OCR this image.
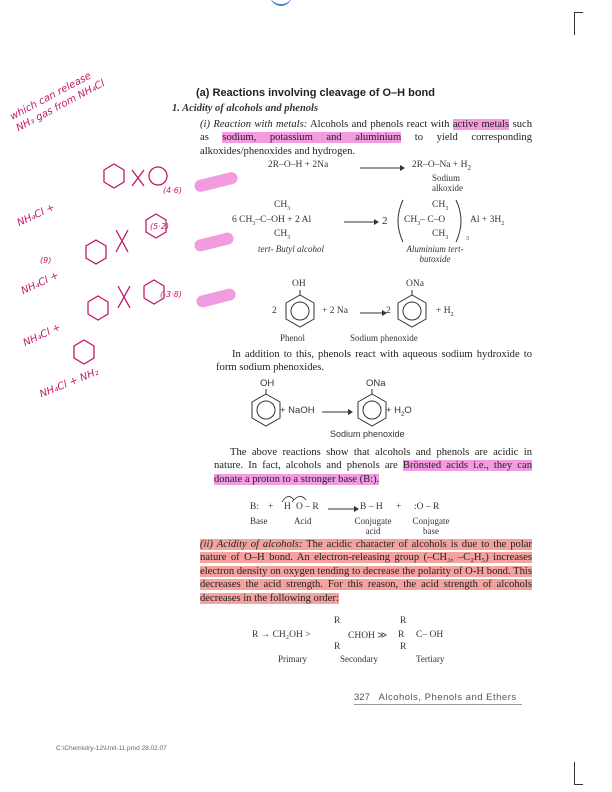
(a) Reactions involving cleavage of O–H bond
1. Acidity of alcohols and phenols
(i) Reaction with metals: Alcohols and phenols react with active metals such as sodium, potassium and aluminium to yield corresponding alkoxides/phenoxides and hydrogen.
2R–O–H + 2Na	$2R-O-Na + H_2$
Sodium alkoxide
$CH_3$
6 $CH_3-C-OH + 2$ Al
$CH_3$
→ 2
$CH_3$
$CH_3-$ C–O
$CH_3$	3
$Al + 3H_2$
tert- Butyl alcohol	Aluminium tert- butoxide
OH
2	+ 2 Na →
2
ONa
+ $H_2$
Phenol	Sodium phenoxide
In addition to this, phenols react with aqueous sodium hydroxide to form sodium phenoxides.
OH
+ NaOH →
ONa
+ $H_2O$
Sodium phenoxide
The above reactions show that alcohols and phenols are acidic in nature. In fact, alcohols and phenols are Brönsted acids i.e., they can donate a proton to a stronger base (B:).
B: + H O – R → B – H + :O – R
Base	Acid	Conjugate acid
Conjugate base
(ii) Acidity of alcohols: The acidic character of alcohols is due to the polar nature of O–H bond. An electron-releasing group (–CH₃, –C₂H₅) increases electron density on oxygen tending to decrease the polarity of O-H bond. This decreases the acid strength. For this reason, the acid strength of alcohols decreases in the following order:
R → CH₂OH >
R
R
CHOH ≫
R
R
R
C– OH
Primary	Secondary	Tertiary
327 Alcohols, Phenols and Ethers
C:\Chemistry-12\Unit-11.pmd 28.02.07
which can release NH₃ gas from NH₄Cl
NH₄Cl +
NH₄Cl +
NH₄Cl +
NH₄Cl + NH₂
(4·6)
(5·2)
(-3·8)
(9)
